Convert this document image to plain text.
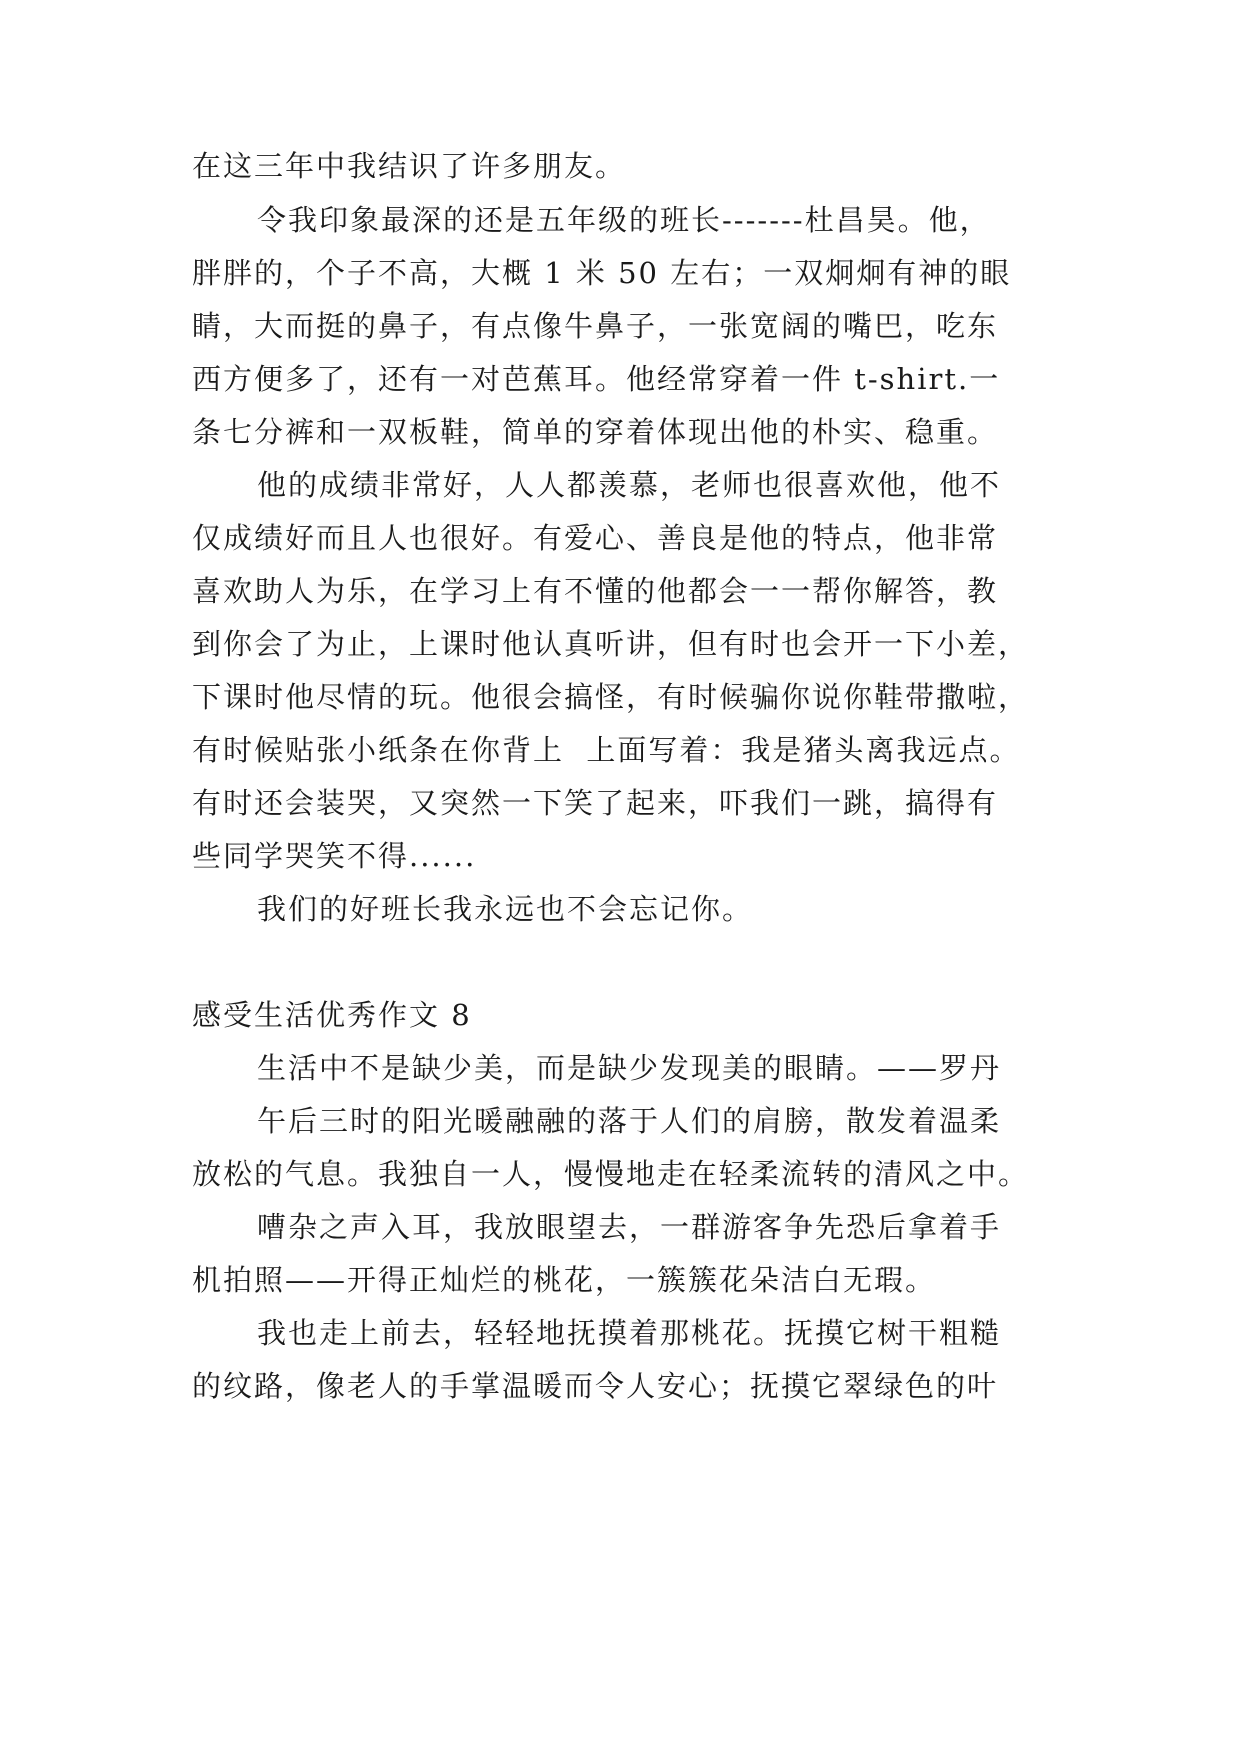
在这三年中我结识了许多朋友。
令我印象最深的还是五年级的班长-------杜昌昊。他，
胖胖的，个子不高，大概 1 米 50 左右；一双炯炯有神的眼
睛，大而挺的鼻子，有点像牛鼻子，一张宽阔的嘴巴，吃东
西方便多了，还有一对芭蕉耳。他经常穿着一件 t-shirt.一
条七分裤和一双板鞋，简单的穿着体现出他的朴实、稳重。
他的成绩非常好，人人都羡慕，老师也很喜欢他，他不
仅成绩好而且人也很好。有爱心、善良是他的特点，他非常
喜欢助人为乐，在学习上有不懂的他都会一一帮你解答，教
到你会了为止，上课时他认真听讲，但有时也会开一下小差，
下课时他尽情的玩。他很会搞怪，有时候骗你说你鞋带撒啦，
有时候贴张小纸条在你背上  上面写着：我是猪头离我远点。
有时还会装哭，又突然一下笑了起来，吓我们一跳，搞得有
些同学哭笑不得......
我们的好班长我永远也不会忘记你。
感受生活优秀作文 8
生活中不是缺少美，而是缺少发现美的眼睛。——罗丹
午后三时的阳光暖融融的落于人们的肩膀，散发着温柔
放松的气息。我独自一人，慢慢地走在轻柔流转的清风之中。
嘈杂之声入耳，我放眼望去，一群游客争先恐后拿着手
机拍照——开得正灿烂的桃花，一簇簇花朵洁白无瑕。
我也走上前去，轻轻地抚摸着那桃花。抚摸它树干粗糙
的纹路，像老人的手掌温暖而令人安心；抚摸它翠绿色的叶
